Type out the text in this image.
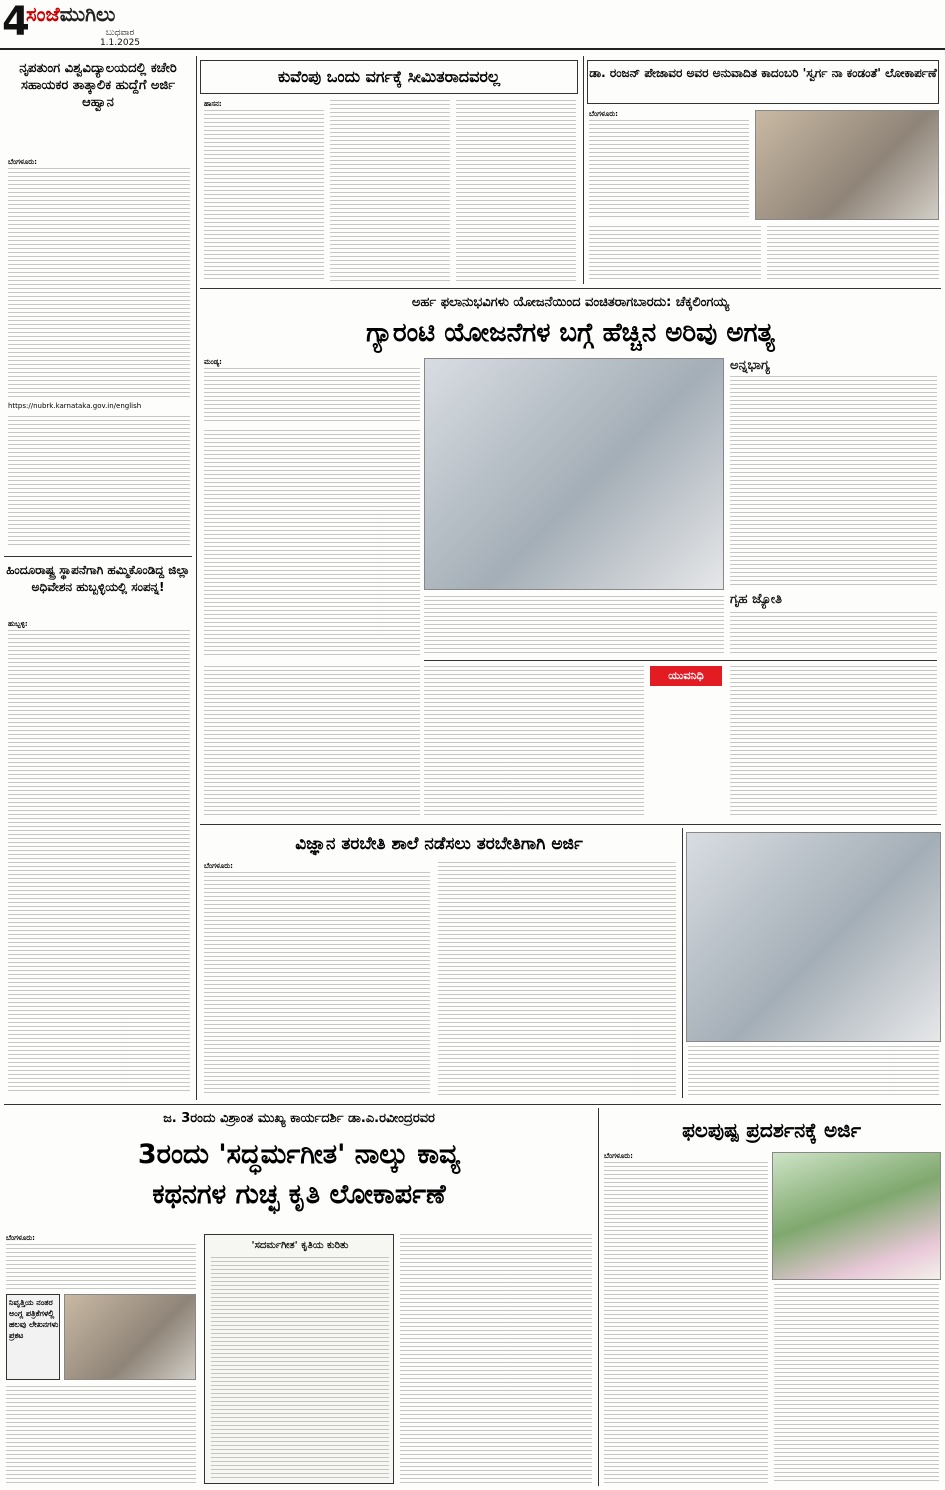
4
ಸಂಜೆಮುಗಿಲು
ಬುಧವಾರ
1.1.2025
ನೃಪತುಂಗ ವಿಶ್ವವಿದ್ಯಾಲಯದಲ್ಲಿ ಕಚೇರಿ ಸಹಾಯಕರ ತಾತ್ಕಾಲಿಕ ಹುದ್ದೆಗೆ ಅರ್ಜಿ ಆಹ್ವಾನ
ಬೆಂಗಳೂರು:
https://nubrk.karnataka.gov.in/english
ಹಿಂದೂರಾಷ್ಟ್ರ ಸ್ಥಾಪನೆಗಾಗಿ ಹಮ್ಮಿಕೊಂಡಿದ್ದ ಜಿಲ್ಲಾ ಅಧಿವೇಶನ ಹುಬ್ಬಳ್ಳಿಯಲ್ಲಿ ಸಂಪನ್ನ!
ಹುಬ್ಬಳ್ಳಿ:
ಕುವೆಂಪು ಒಂದು ವರ್ಗಕ್ಕೆ ಸೀಮಿತರಾದವರಲ್ಲ
ಹಾಸನ:
ಡಾ. ರಂಜನ್ ಪೇಜಾವರ ಅವರ ಅನುವಾದಿತ ಕಾದಂಬರಿ 'ಸ್ವರ್ಗ ನಾ ಕಂಡಂತೆ' ಲೋಕಾರ್ಪಣೆ
ಬೆಂಗಳೂರು:
ಅರ್ಹ ಫಲಾನುಭವಿಗಳು ಯೋಜನೆಯಿಂದ ವಂಚಿತರಾಗಬಾರದು: ಚೆಕ್ಕಲಿಂಗಯ್ಯ
ಗ್ಯಾರಂಟಿ ಯೋಜನೆಗಳ ಬಗ್ಗೆ ಹೆಚ್ಚಿನ ಅರಿವು ಅಗತ್ಯ
ಮಂಡ್ಯ:	ಅನ್ನಭಾಗ್ಯ
ಗೃಹ ಜ್ಯೋತಿ
ಯುವನಿಧಿ
ವಿಜ್ಞಾನ ತರಬೇತಿ ಶಾಲೆ ನಡೆಸಲು ತರಬೇತಿಗಾಗಿ ಅರ್ಜಿ
ಬೆಂಗಳೂರು:
ಜ. 3ರಂದು ವಿಶ್ರಾಂತ ಮುಖ್ಯ ಕಾರ್ಯದರ್ಶಿ ಡಾ.ಎ.ರವೀಂದ್ರರವರ
3ರಂದು 'ಸದ್ಧರ್ಮಗೀತ' ನಾಲ್ಕು ಕಾವ್ಯ
ಕಥನಗಳ ಗುಚ್ಛ ಕೃತಿ ಲೋಕಾರ್ಪಣೆ
ಬೆಂಗಳೂರು:
ನಿವೃತ್ತಿಯ ನಂತರ ಅಂಗ್ಲ ಪತ್ರಿಕೆಗಳಲ್ಲಿ ಹಲವು ಲೇಖನಗಳು ಪ್ರಕಟ
'ಸದರ್ಮಗೀತ' ಕೃತಿಯ ಕುರಿತು
ಫಲಪುಷ್ಪ ಪ್ರದರ್ಶನಕ್ಕೆ ಅರ್ಜಿ
ಬೆಂಗಳೂರು:
